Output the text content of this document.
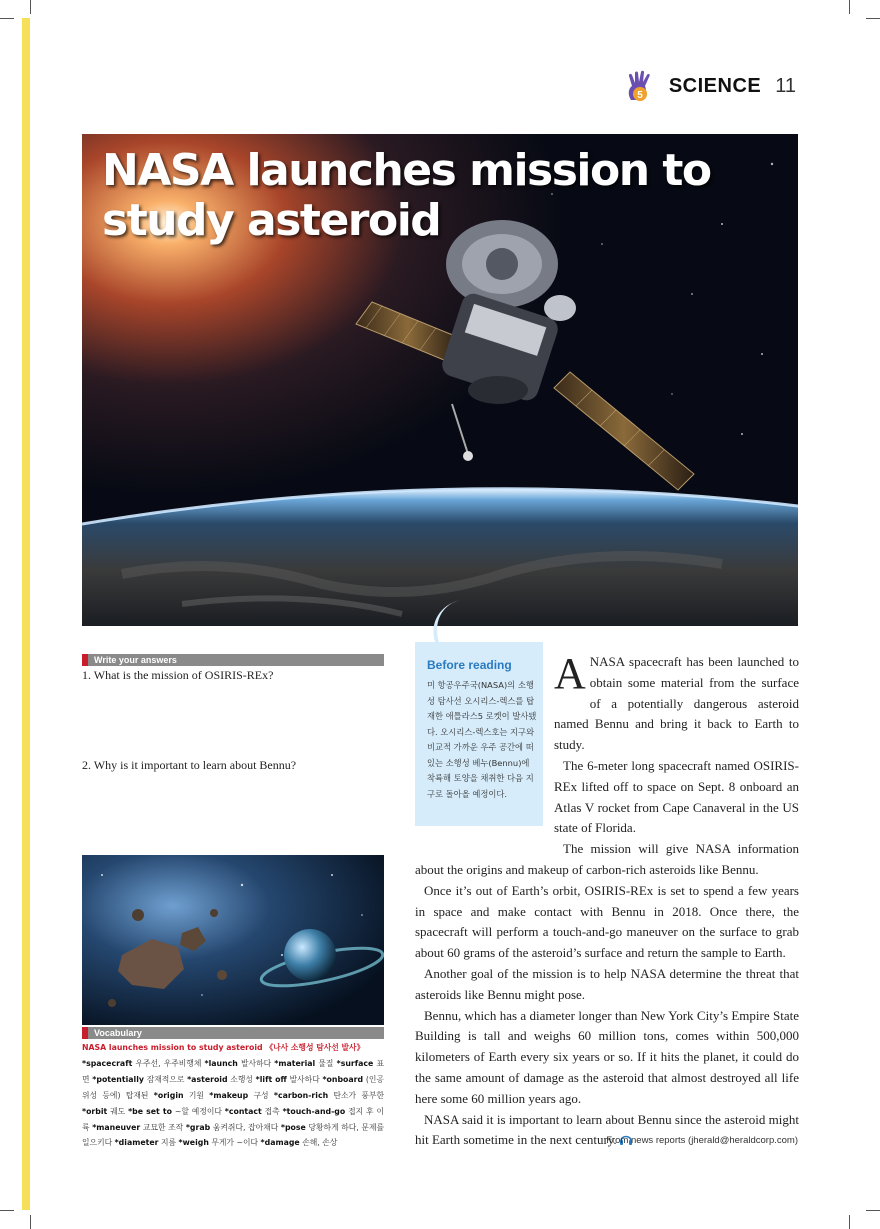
5 SCIENCE 11
NASA launches mission to study asteroid
Write your answers
1. What is the mission of OSIRIS-REx?
2. Why is it important to learn about Bennu?
Before reading
미 항공우주국(NASA)의 소행성 탐사선 오시리스-렉스를 탑재한 애틀라스5 로켓이 발사됐다. 오시리스-렉스호는 지구와 비교적 가까운 우주 공간에 떠있는 소행성 베누(Bennu)에 착륙해 토양을 채취한 다음 지구로 돌아올 예정이다.

ANASA spacecraft has been launched to obtain some material from the surface of a potentially dangerous asteroid named Bennu and bring it back to Earth to study.

The 6-meter long spacecraft named OSIRIS-REx lifted off to space on Sept. 8 onboard an Atlas V rocket from Cape Canaveral in the US state of Florida.

The mission will give NASA information about the origins and makeup of carbon-rich asteroids like Bennu.

Once it’s out of Earth’s orbit, OSIRIS-REx is set to spend a few years in space and make contact with Bennu in 2018. Once there, the spacecraft will perform a touch-and-go maneuver on the surface to grab about 60 grams of the asteroid’s surface and return the sample to Earth.

Another goal of the mission is to help NASA determine the threat that asteroids like Bennu might pose.

Bennu, which has a diameter longer than New York City’s Empire State Building is tall and weighs 60 million tons, comes within 500,000 kilometers of Earth every six years or so. If it hits the planet, it could do the same amount of damage as the asteroid that almost destroyed all life here some 60 million years ago.

NASA said it is important to learn about Bennu since the asteroid might hit Earth sometime in the next century.

From news reports (jherald@heraldcorp.com)
Vocabulary
NASA launches mission to study asteroid 《나사 소행성 탐사선 발사》
*spacecraft 우주선, 우주비행체 *launch 발사하다 *material 물질 *surface 표면 *potentially 잠재적으로 *asteroid 소행성 *lift off 발사하다 *onboard (인공 위성 등에) 탑재된 *origin 기원 *makeup 구성 *carbon-rich 탄소가 풍부한 *orbit 궤도 *be set to ~할 예정이다 *contact 접촉 *touch-and-go 접지 후 이륙 *maneuver 교묘한 조작 *grab 움켜쥐다, 잡아채다 *pose 당황하게 하다, 문제를 일으키다 *diameter 지름 *weigh 무게가 ~이다 *damage 손해, 손상
